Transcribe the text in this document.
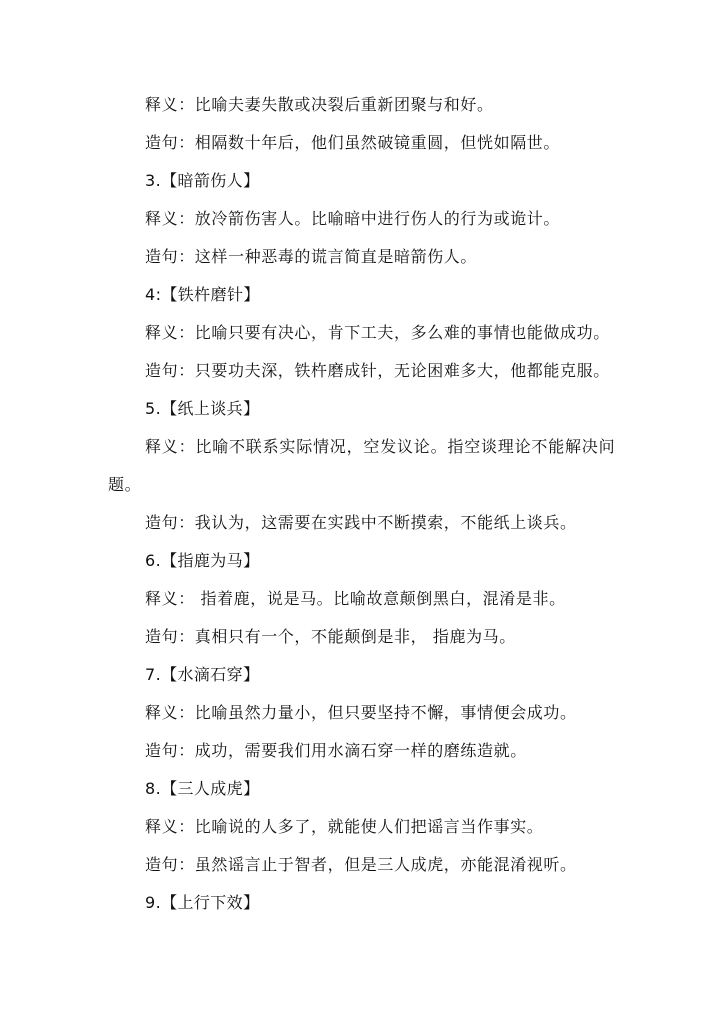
释义：比喻夫妻失散或决裂后重新团聚与和好。
造句：相隔数十年后，他们虽然破镜重圆，但恍如隔世。
3.【暗箭伤人】
释义：放冷箭伤害人。比喻暗中进行伤人的行为或诡计。
造句：这样一种恶毒的谎言简直是暗箭伤人。
4:【铁杵磨针】
释义：比喻只要有决心，肯下工夫，多么难的事情也能做成功。
造句：只要功夫深，铁杵磨成针，无论困难多大，他都能克服。
5.【纸上谈兵】
释义：比喻不联系实际情况，空发议论。指空谈理论不能解决问
题。
造句：我认为，这需要在实践中不断摸索，不能纸上谈兵。
6.【指鹿为马】
释义： 指着鹿，说是马。比喻故意颠倒黑白，混淆是非。
造句：真相只有一个，不能颠倒是非， 指鹿为马。
7.【水滴石穿】
释义：比喻虽然力量小，但只要坚持不懈，事情便会成功。
造句：成功，需要我们用水滴石穿一样的磨练造就。
8.【三人成虎】
释义：比喻说的人多了，就能使人们把谣言当作事实。
造句：虽然谣言止于智者，但是三人成虎，亦能混淆视听。
9.【上行下效】
